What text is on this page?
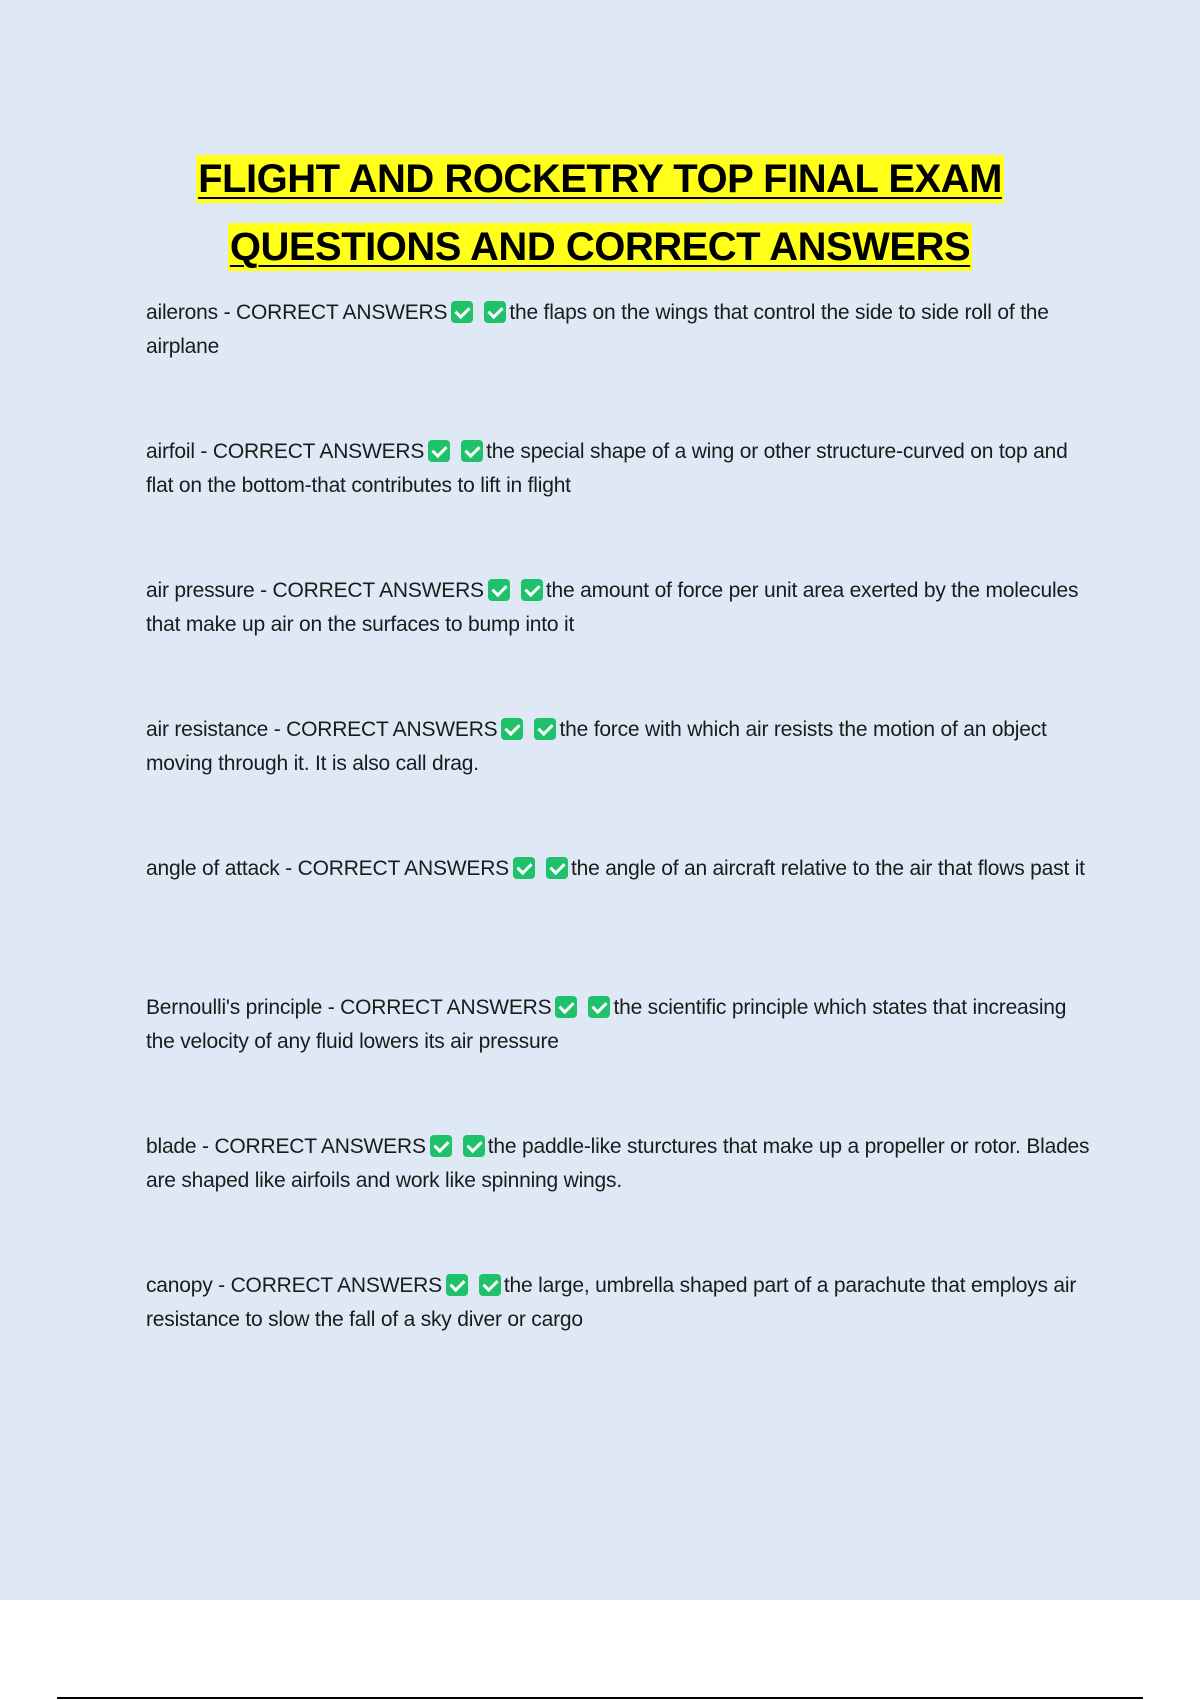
FLIGHT AND ROCKETRY TOP FINAL EXAM
QUESTIONS AND CORRECT ANSWERS
ailerons - CORRECT ANSWERS	the flaps on the wings that control the side to side roll of the airplane
airfoil - CORRECT ANSWERS	the special shape of a wing or other structure-curved on top and flat on the bottom-that contributes to lift in flight
air pressure - CORRECT ANSWERS	the amount of force per unit area exerted by the molecules that make up air on the surfaces to bump into it
air resistance - CORRECT ANSWERS	the force with which air resists the motion of an object moving through it. It is also call drag.
angle of attack - CORRECT ANSWERS	the angle of an aircraft relative to the air that flows past it
Bernoulli's principle - CORRECT ANSWERS	the scientific principle which states that increasing the velocity of any fluid lowers its air pressure
blade - CORRECT ANSWERS	the paddle-like sturctures that make up a propeller or rotor. Blades are shaped like airfoils and work like spinning wings.
canopy - CORRECT ANSWERS	the large, umbrella shaped part of a parachute that employs air resistance to slow the fall of a sky diver or cargo
